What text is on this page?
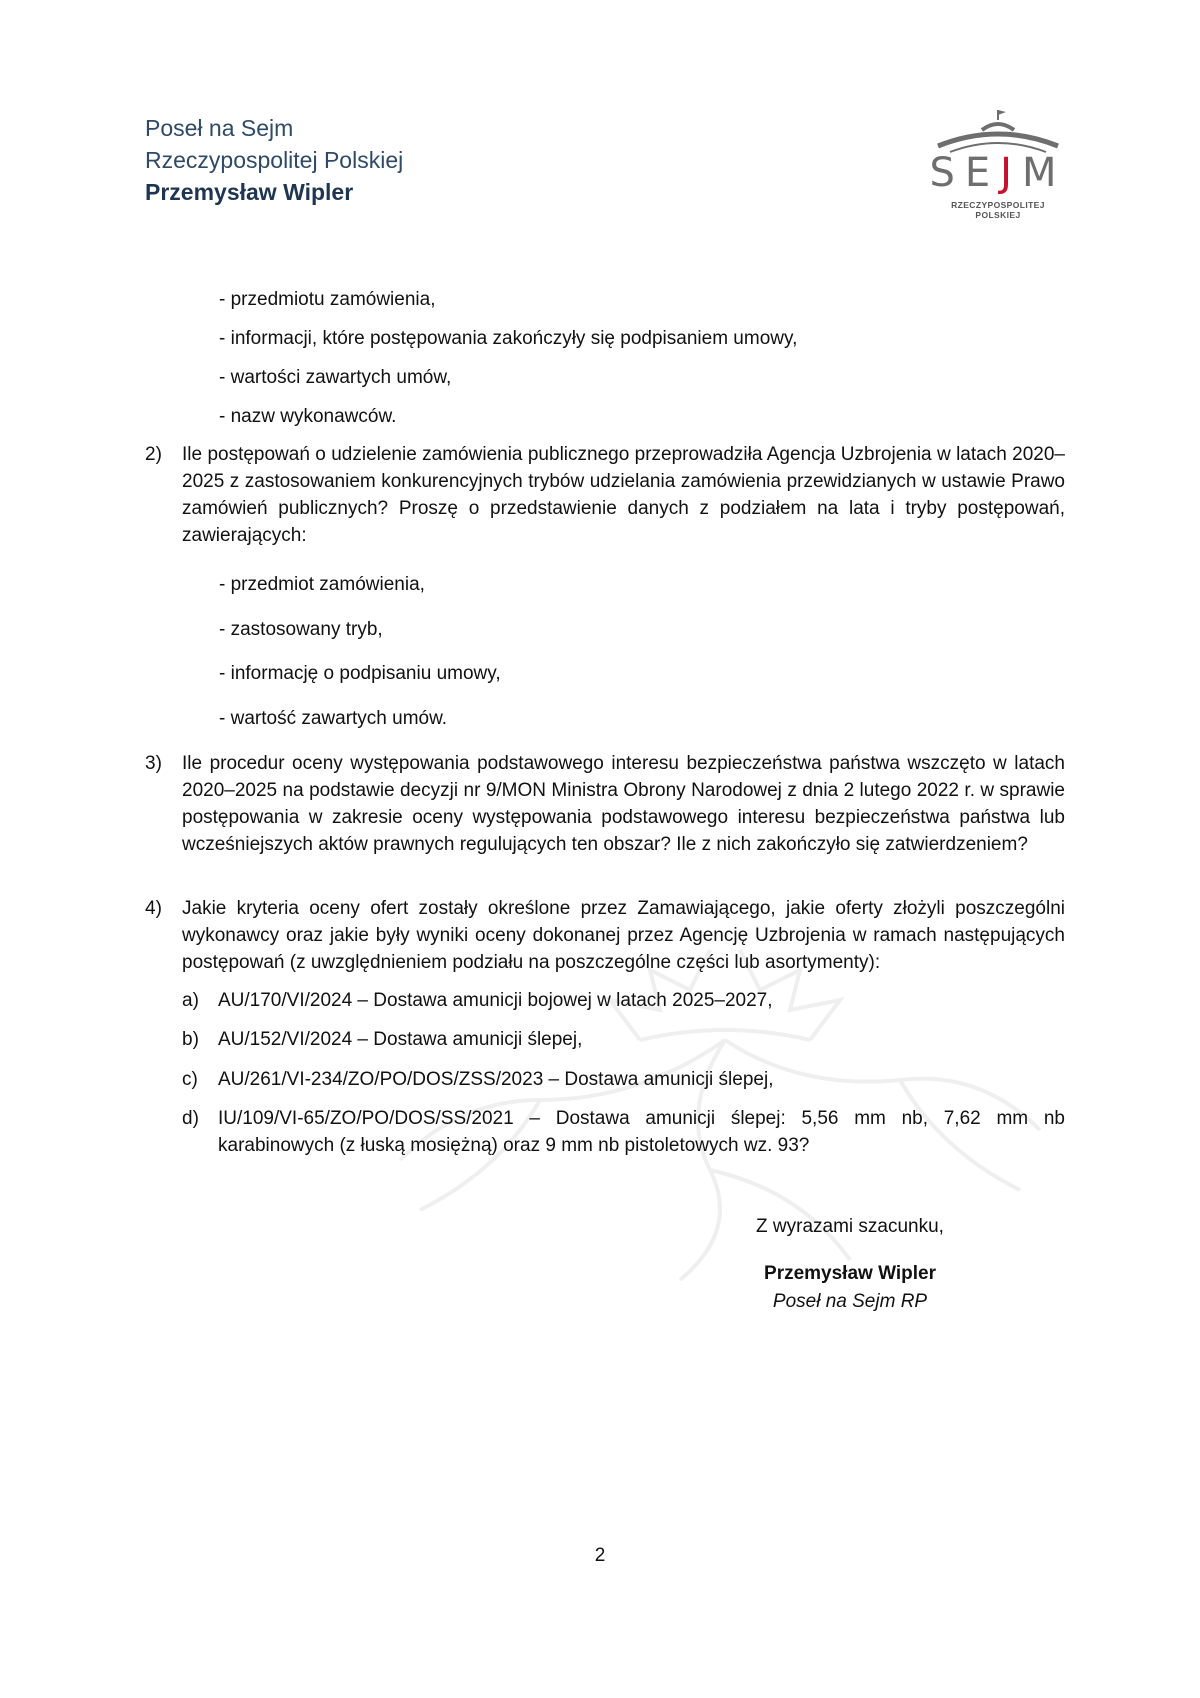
Poseł na Sejm
Rzeczypospolitej Polskiej
Przemysław Wipler	SEJM
RZECZYPOSPOLITEJ POLSKIEJ
- przedmiotu zamówienia,
- informacji, które postępowania zakończyły się podpisaniem umowy,
- wartości zawartych umów,
- nazw wykonawców.
2) Ile postępowań o udzielenie zamówienia publicznego przeprowadziła Agencja Uzbrojenia w latach 2020–2025 z zastosowaniem konkurencyjnych trybów udzielania zamówienia przewidzianych w ustawie Prawo zamówień publicznych? Proszę o przedstawienie danych z podziałem na lata i tryby postępowań, zawierających:
- przedmiot zamówienia,
- zastosowany tryb,
- informację o podpisaniu umowy,
- wartość zawartych umów.
3) Ile procedur oceny występowania podstawowego interesu bezpieczeństwa państwa wszczęto w latach 2020–2025 na podstawie decyzji nr 9/MON Ministra Obrony Narodowej z dnia 2 lutego 2022 r. w sprawie postępowania w zakresie oceny występowania podstawowego interesu bezpieczeństwa państwa lub wcześniejszych aktów prawnych regulujących ten obszar? Ile z nich zakończyło się zatwierdzeniem?
4) Jakie kryteria oceny ofert zostały określone przez Zamawiającego, jakie oferty złożyli poszczególni wykonawcy oraz jakie były wyniki oceny dokonanej przez Agencję Uzbrojenia w ramach następujących postępowań (z uwzględnieniem podziału na poszczególne części lub asortymenty):
a) AU/170/VI/2024 – Dostawa amunicji bojowej w latach 2025–2027,
b) AU/152/VI/2024 – Dostawa amunicji ślepej,
c) AU/261/VI-234/ZO/PO/DOS/ZSS/2023 – Dostawa amunicji ślepej,
d) IU/109/VI-65/ZO/PO/DOS/SS/2021 – Dostawa amunicji ślepej: 5,56 mm nb, 7,62 mm nb karabinowych (z łuską mosiężną) oraz 9 mm nb pistoletowych wz. 93?
Z wyrazami szacunku,
Przemysław Wipler
Poseł na Sejm RP
2
